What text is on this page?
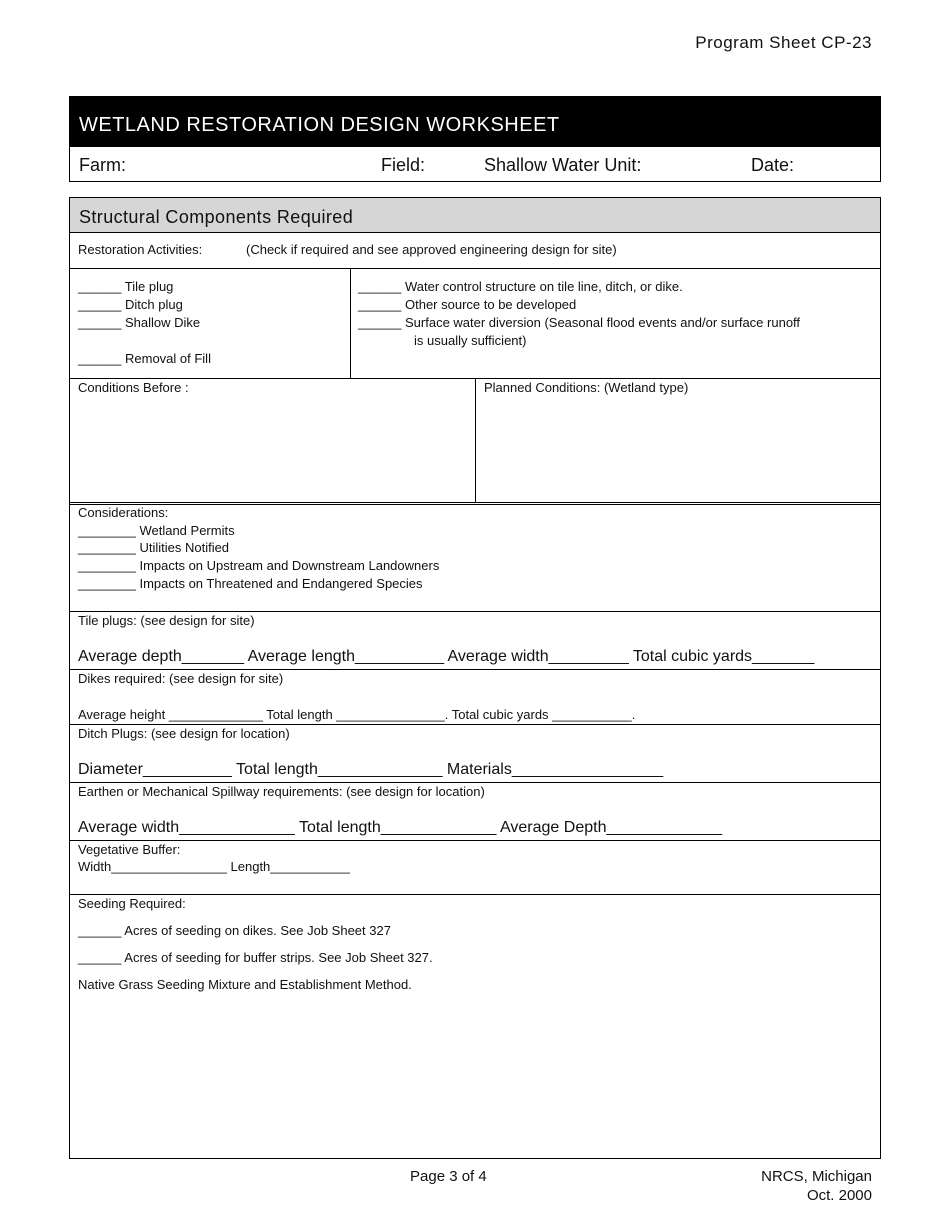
Program Sheet CP-23
WETLAND RESTORATION DESIGN WORKSHEET
Farm:	Field:	Shallow Water Unit:	Date:
Structural Components Required
Restoration Activities:	(Check if required and see approved engineering design for site)
______ Tile plug
______ Ditch plug
______ Shallow Dike
______ Removal of Fill
______ Water control structure on tile line, ditch, or dike.
______ Other source to be developed
______ Surface water diversion (Seasonal flood events and/or surface runoff
is usually sufficient)
Conditions Before :	Planned Conditions: (Wetland type)
Considerations:
________ Wetland Permits
________ Utilities Notified
________ Impacts on Upstream and Downstream Landowners
________ Impacts on Threatened and Endangered Species
Tile plugs: (see design for site)
Average depth_______ Average length__________ Average width_________ Total cubic yards_______
Dikes required: (see design for site)
Average height _____________ Total length _______________. Total cubic yards ___________.
Ditch Plugs: (see design for location)
Diameter__________ Total length______________ Materials_________________
Earthen or Mechanical Spillway requirements: (see design for location)
Average width_____________ Total length_____________ Average Depth_____________
Vegetative Buffer:
Width________________ Length___________
Seeding Required:
______ Acres of seeding on dikes. See Job Sheet 327
______ Acres of seeding for buffer strips. See Job Sheet 327.
Native Grass Seeding Mixture and Establishment Method.
Page 3 of 4	NRCS, Michigan
Oct. 2000
